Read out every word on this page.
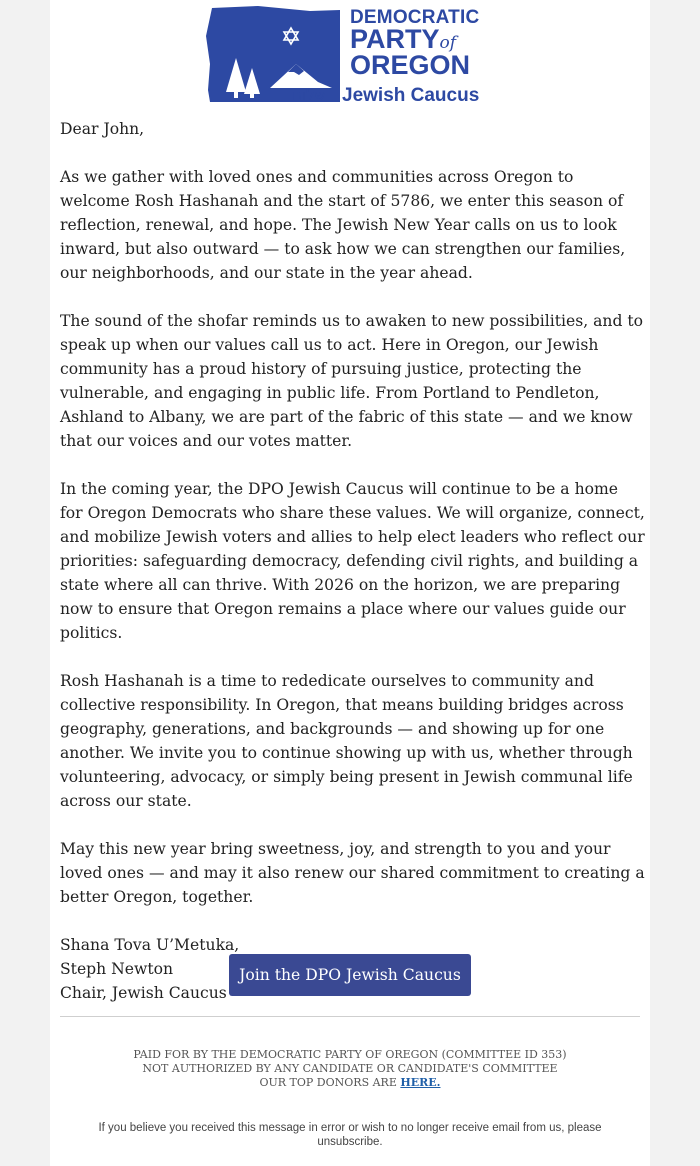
שלום
DEMOCRATIC
PARTYof
OREGON
Jewish Caucus

Dear John,

As we gather with loved ones and communities across Oregon to welcome Rosh Hashanah and the start of 5786, we enter this season of reflection, renewal, and hope. The Jewish New Year calls on us to look inward, but also outward — to ask how we can strengthen our families, our neighborhoods, and our state in the year ahead.

The sound of the shofar reminds us to awaken to new possibilities, and to speak up when our values call us to act. Here in Oregon, our Jewish community has a proud history of pursuing justice, protecting the vulnerable, and engaging in public life. From Portland to Pendleton, Ashland to Albany, we are part of the fabric of this state — and we know that our voices and our votes matter.

In the coming year, the DPO Jewish Caucus will continue to be a home for Oregon Democrats who share these values. We will organize, connect, and mobilize Jewish voters and allies to help elect leaders who reflect our priorities: safeguarding democracy, defending civil rights, and building a state where all can thrive. With 2026 on the horizon, we are preparing now to ensure that Oregon remains a place where our values guide our politics.

Rosh Hashanah is a time to rededicate ourselves to community and collective responsibility. In Oregon, that means building bridges across geography, generations, and backgrounds — and showing up for one another. We invite you to continue showing up with us, whether through volunteering, advocacy, or simply being present in Jewish communal life across our state.

May this new year bring sweetness, joy, and strength to you and your loved ones — and may it also renew our shared commitment to creating a better Oregon, together.

Shana Tova U’Metuka,

Steph Newton

Chair, Jewish Caucus

Join the DPO Jewish Caucus
PAID FOR BY THE DEMOCRATIC PARTY OF OREGON (COMMITTEE ID 353)
NOT AUTHORIZED BY ANY CANDIDATE OR CANDIDATE'S COMMITTEE
OUR TOP DONORS ARE HERE.
If you believe you received this message in error or wish to no longer receive email from us, please unsubscribe.
